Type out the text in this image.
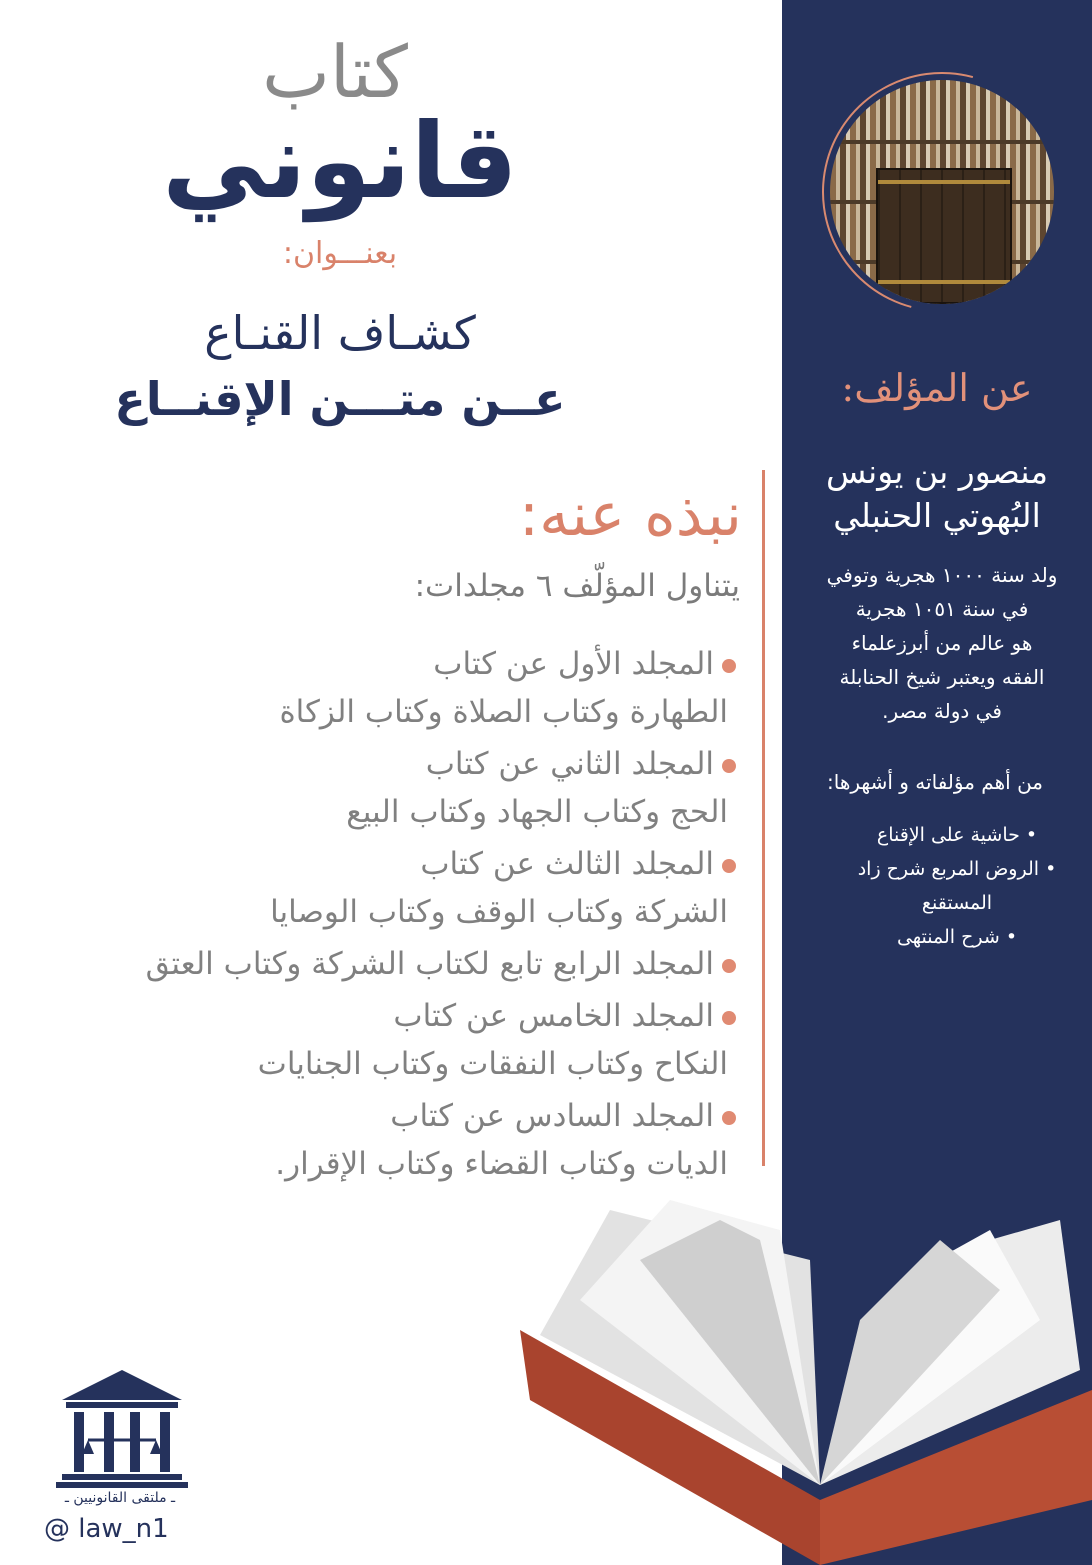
كتاب
قانوني
بعنـــوان:
كشـاف القنـاع
عــن متـــن الإقنــاع
نبذه عنه:
يتناول المؤلّف ٦ مجلدات:
المجلد الأول عن كتاب
الطهارة وكتاب الصلاة وكتاب الزكاة
المجلد الثاني عن كتاب
الحج وكتاب الجهاد وكتاب البيع
المجلد الثالث عن كتاب
الشركة وكتاب الوقف وكتاب الوصايا
المجلد الرابع تابع لكتاب الشركة وكتاب العتق
المجلد الخامس عن كتاب
النكاح وكتاب النفقات وكتاب الجنايات
المجلد السادس عن كتاب
الديات وكتاب القضاء وكتاب الإقرار.
عن المؤلف:
منصور بن يونس
البُهوتي الحنبلي
ولد سنة ١٠٠٠ هجرية وتوفي
في سنة ١٠٥١ هجرية
هو عالم من أبرزعلماء
الفقه ويعتبر شيخ الحنابلة
في دولة مصر.
من أهم مؤلفاته و أشهرها:
• حاشية على الإقناع
• الروض المربع شرح زاد المستقنع
• شرح المنتهى
ـ ملتقى القانونيين ـ
@ law_n1
